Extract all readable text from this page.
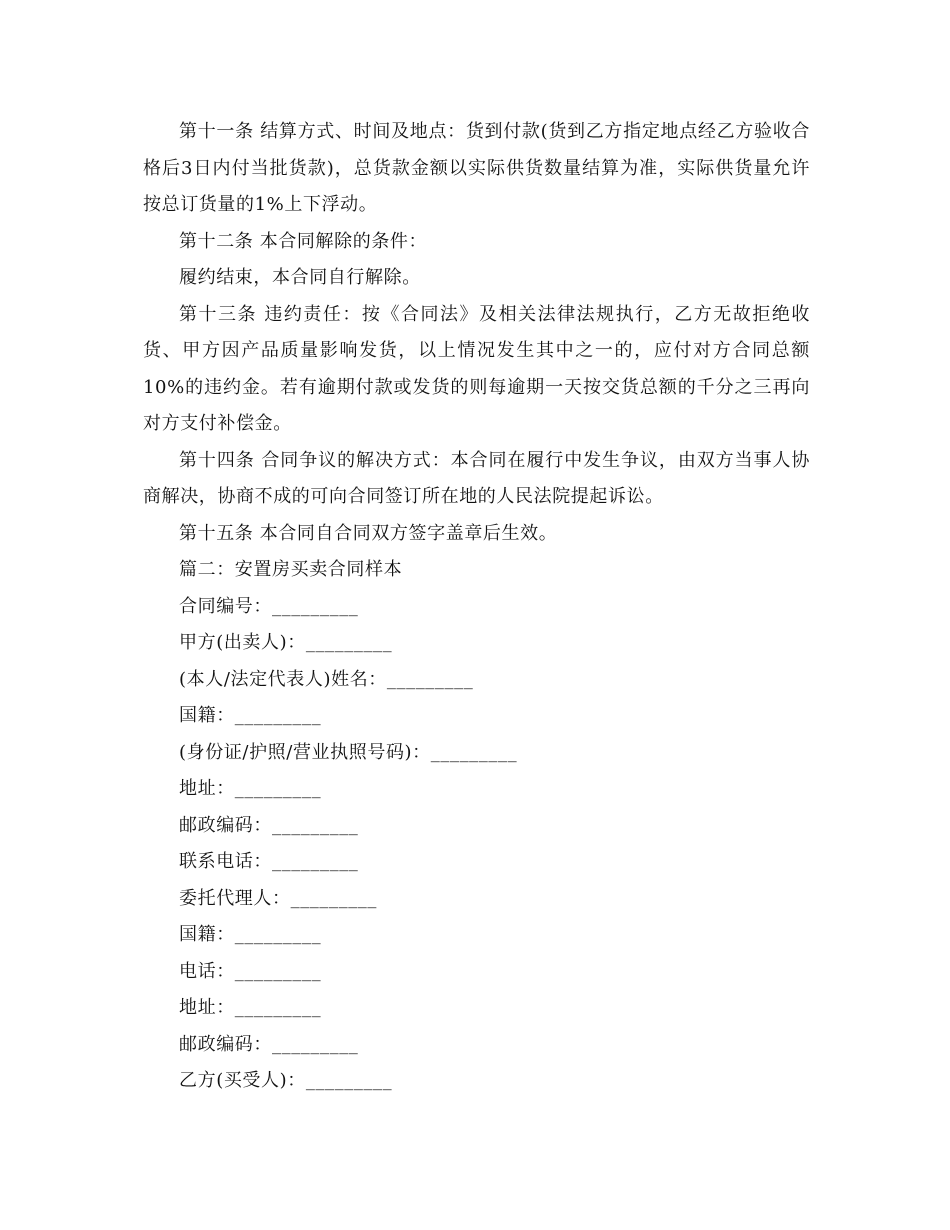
第十一条 结算方式、时间及地点：货到付款(货到乙方指定地点经乙方验收合格后3日内付当批货款)，总货款金额以实际供货数量结算为准，实际供货量允许按总订货量的1%上下浮动。

第十二条 本合同解除的条件：

履约结束，本合同自行解除。

第十三条 违约责任：按《合同法》及相关法律法规执行，乙方无故拒绝收货、甲方因产品质量影响发货，以上情况发生其中之一的，应付对方合同总额10%的违约金。若有逾期付款或发货的则每逾期一天按交货总额的千分之三再向对方支付补偿金。

第十四条 合同争议的解决方式：本合同在履行中发生争议，由双方当事人协商解决，协商不成的可向合同签订所在地的人民法院提起诉讼。

第十五条 本合同自合同双方签字盖章后生效。

篇二：安置房买卖合同样本

合同编号：_________

甲方(出卖人)：_________

(本人/法定代表人)姓名：_________

国籍：_________

(身份证/护照/营业执照号码)：_________

地址：_________

邮政编码：_________

联系电话：_________

委托代理人：_________

国籍：_________

电话：_________

地址：_________

邮政编码：_________

乙方(买受人)：_________
